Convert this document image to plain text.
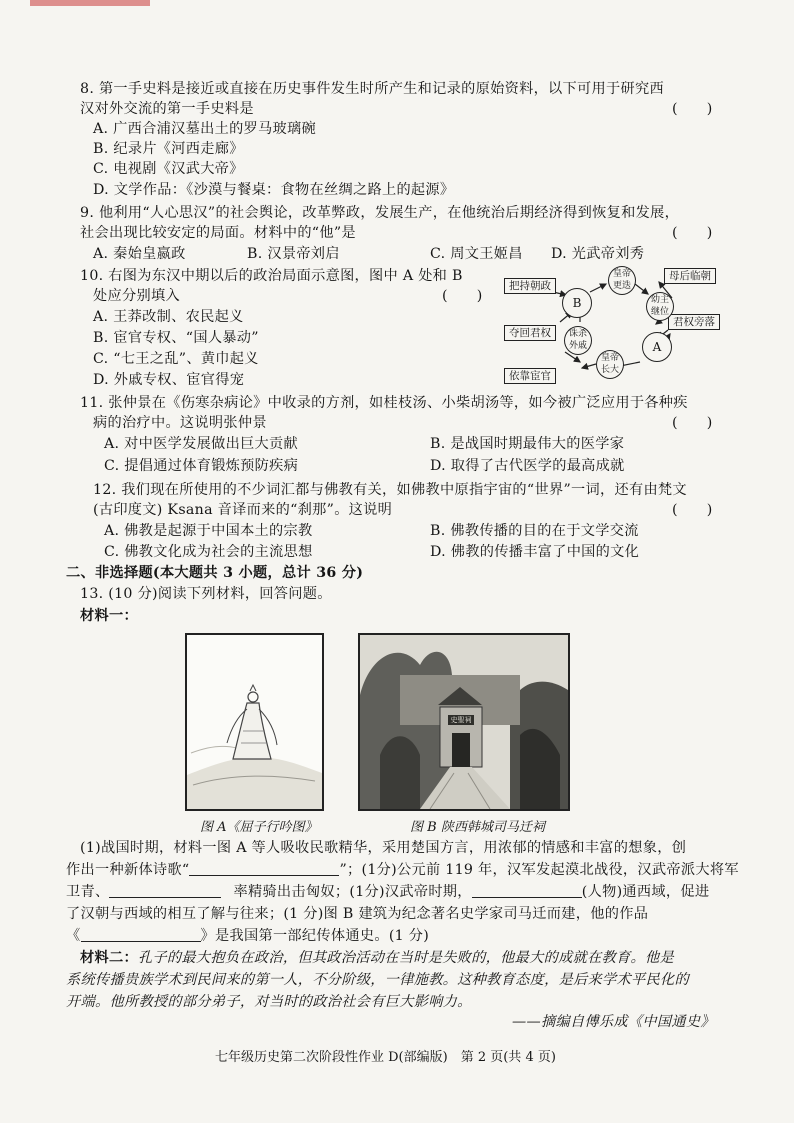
8. 第一手史料是接近或直接在历史事件发生时所产生和记录的原始资料，以下可用于研究西
汉对外交流的第一手史料是	(　　)
A. 广西合浦汉墓出土的罗马玻璃碗
B. 纪录片《河西走廊》
C. 电视剧《汉武大帝》
D. 文学作品：《沙漠与餐桌：食物在丝绸之路上的起源》
9. 他利用“人心思汉”的社会舆论，改革弊政，发展生产，在他统治后期经济得到恢复和发展，
社会出现比较安定的局面。材料中的“他”是	(　　)
A. 秦始皇嬴政	B. 汉景帝刘启	C. 周文王姬昌 D. 光武帝刘秀
10. 右图为东汉中期以后的政治局面示意图，图中 A 处和 B
处应分别填入	(　　)
A. 王莽改制、农民起义
B. 宦官专权、“国人暴动”
C. “七王之乱”、黄巾起义
D. 外戚专权、宦官得宠
把持朝政
母后临朝
君权旁落
依靠宦官
夺回君权
B
皇帝更迭
幼主继位
A
皇帝长大
诛杀外戚
11. 张仲景在《伤寒杂病论》中收录的方剂，如桂枝汤、小柴胡汤等，如今被广泛应用于各种疾
病的治疗中。这说明张仲景	(　　)
A. 对中医学发展做出巨大贡献	B. 是战国时期最伟大的医学家
C. 提倡通过体育锻炼预防疾病	D. 取得了古代医学的最高成就
12. 我们现在所使用的不少词汇都与佛教有关，如佛教中原指宇宙的“世界”一词，还有由梵文
(古印度文) Ksana 音译而来的“刹那”。这说明	(　　)
A. 佛教是起源于中国本土的宗教	B. 佛教传播的目的在于文学交流
C. 佛教文化成为社会的主流思想	D. 佛教的传播丰富了中国的文化
二、非选择题(本大题共 3 小题，总计 36 分)
13. (10 分)阅读下列材料，回答问题。
材料一：
史聖祠
图 A《屈子行吟图》	图 B 陕西韩城司马迁祠
(1)战国时期，材料一图 A 等人吸收民歌精华，采用楚国方言，用浓郁的情感和丰富的想象，创
作出一种新体诗歌“	”；(1分)公元前 119 年，汉军发起漠北战役，汉武帝派大将军
卫青、	率精骑出击匈奴；(1分)汉武帝时期，	(人物)通西域，促进
了汉朝与西域的相互了解与往来；(1 分)图 B 建筑为纪念著名史学家司马迁而建，他的作品
《	》是我国第一部纪传体通史。(1 分)
材料二：孔子的最大抱负在政治，但其政治活动在当时是失败的，他最大的成就在教育。他是
系统传播贵族学术到民间来的第一人，不分阶级，一律施教。这种教育态度，是后来学术平民化的
开端。他所教授的部分弟子，对当时的政治社会有巨大影响力。
——摘编自傅乐成《中国通史》
七年级历史第二次阶段性作业 D(部编版)　第 2 页(共 4 页)
